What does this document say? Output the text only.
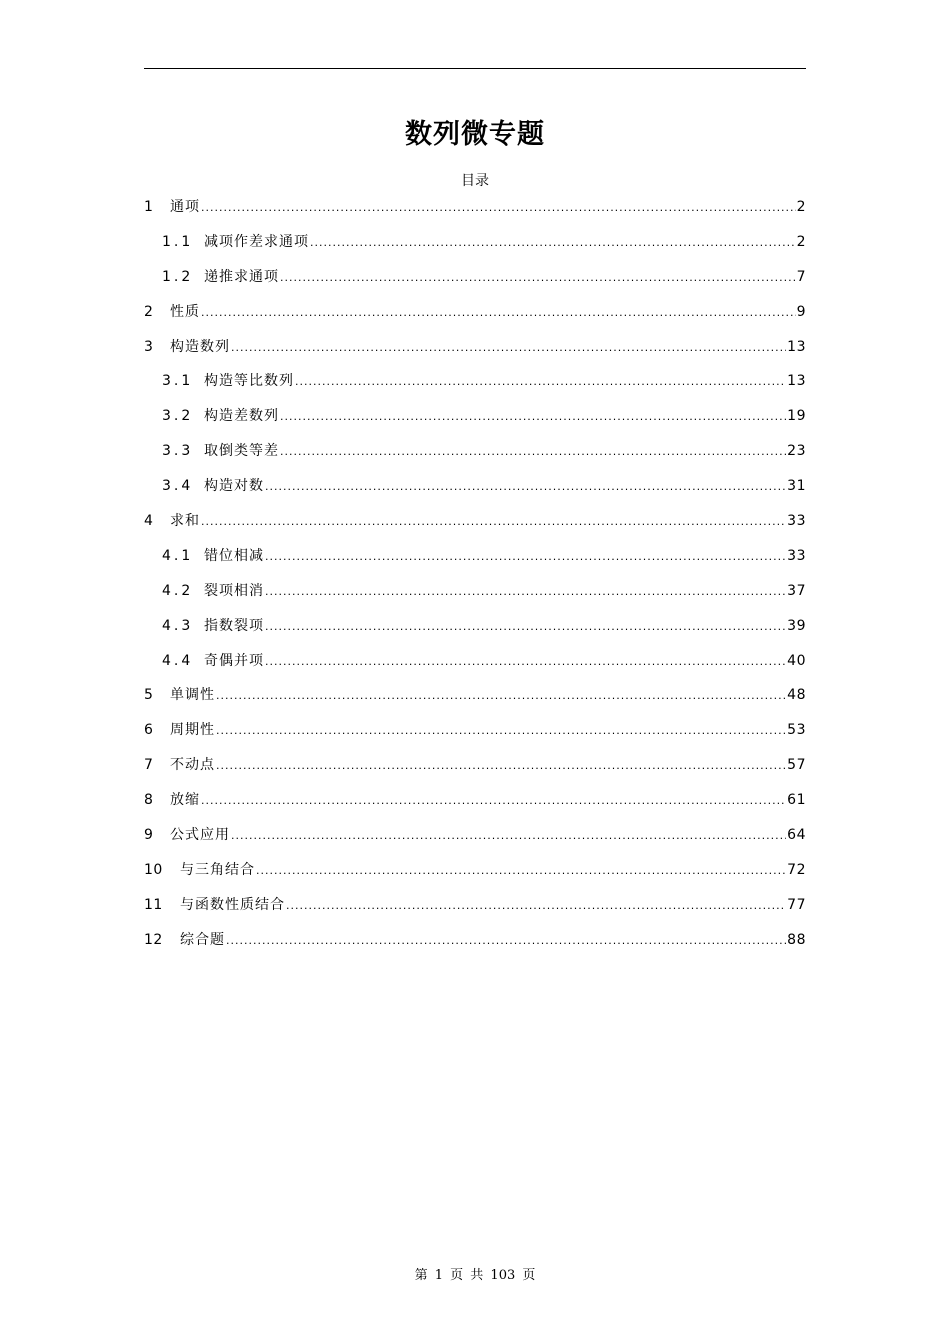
数列微专题
目录
1	通项 .....	2
1.1 减项作差求通项 .....	2
1.2 递推求通项 .....	7
2	性质 .....	9
3	构造数列 .....	13
3.1 构造等比数列 .....	13
3.2 构造差数列 .....	19
3.3 取倒类等差 .....	23
3.4 构造对数 .....	31
4	求和 .....	33
4.1 错位相减 .....	33
4.2 裂项相消 .....	37
4.3 指数裂项 .....	39
4.4 奇偶并项 .....	40
5	单调性 .....	48
6	周期性 .....	53
7	不动点 .....	57
8	放缩 .....	61
9	公式应用 .....	64
10	与三角结合 .....	72
11	与函数性质结合 .....	77
12	综合题 .....	88
第 1 页 共 103 页
